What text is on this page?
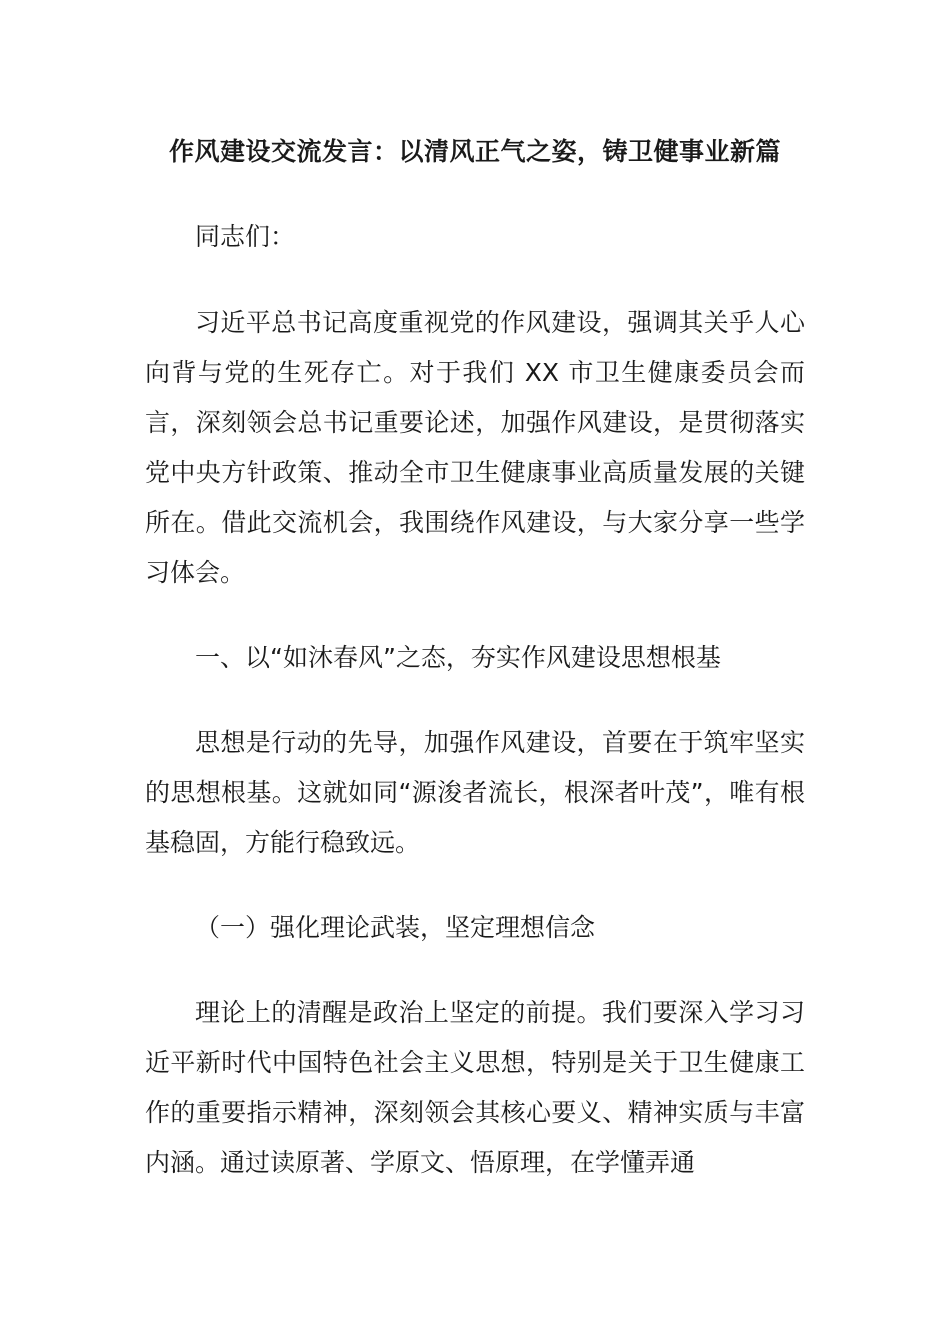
作风建设交流发言：以清风正气之姿，铸卫健事业新篇

同志们：

习近平总书记高度重视党的作风建设，强调其关乎人心向背与党的生死存亡。对于我们 XX 市卫生健康委员会而言，深刻领会总书记重要论述，加强作风建设，是贯彻落实党中央方针政策、推动全市卫生健康事业高质量发展的关键所在。借此交流机会，我围绕作风建设，与大家分享一些学习体会。

一、以“如沐春风”之态，夯实作风建设思想根基

思想是行动的先导，加强作风建设，首要在于筑牢坚实的思想根基。这就如同“源浚者流长，根深者叶茂”，唯有根基稳固，方能行稳致远。

（一）强化理论武装，坚定理想信念

理论上的清醒是政治上坚定的前提。我们要深入学习习近平新时代中国特色社会主义思想，特别是关于卫生健康工作的重要指示精神，深刻领会其核心要义、精神实质与丰富内涵。通过读原著、学原文、悟原理，在学懂弄通
